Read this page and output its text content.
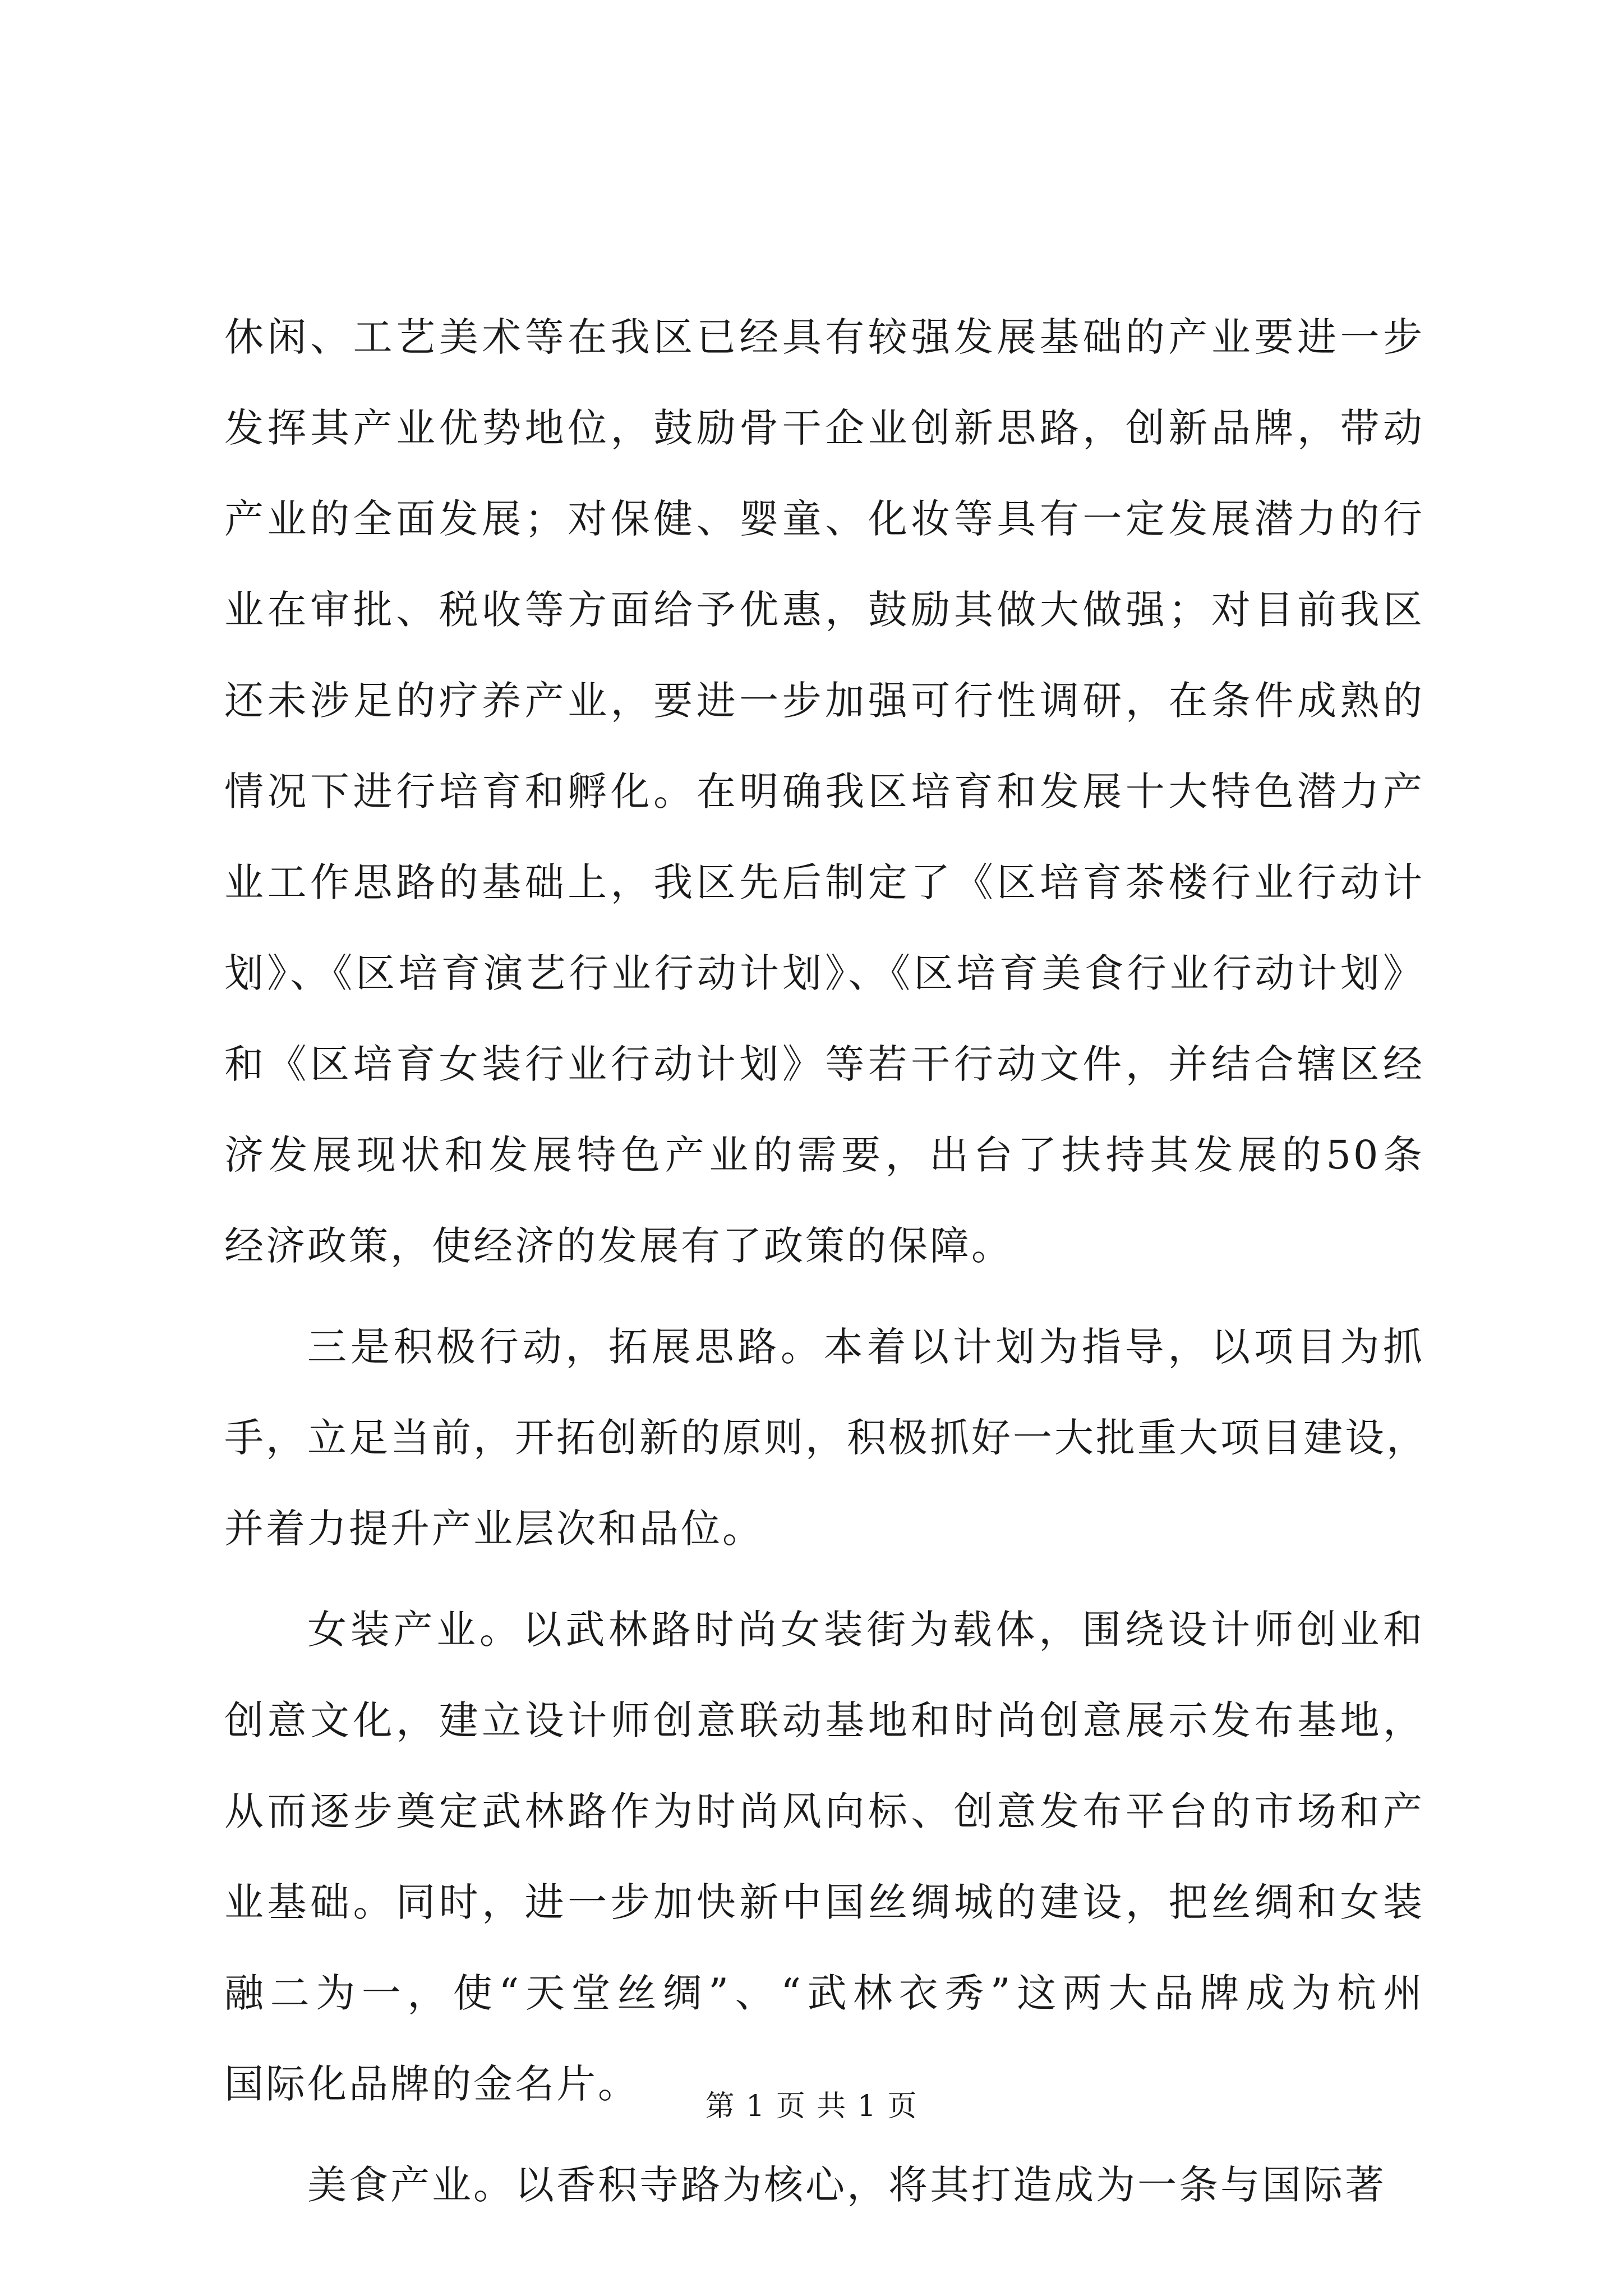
休闲、工艺美术等在我区已经具有较强发展基础的产业要进一步
发挥其产业优势地位，鼓励骨干企业创新思路，创新品牌，带动
产业的全面发展；对保健、婴童、化妆等具有一定发展潜力的行
业在审批、税收等方面给予优惠，鼓励其做大做强；对目前我区
还未涉足的疗养产业，要进一步加强可行性调研，在条件成熟的
情况下进行培育和孵化。在明确我区培育和发展十大特色潜力产
业工作思路的基础上，我区先后制定了《区培育茶楼行业行动计
划》、《区培育演艺行业行动计划》、《区培育美食行业行动计划》
和《区培育女装行业行动计划》等若干行动文件，并结合辖区经
济发展现状和发展特色产业的需要，出台了扶持其发展的50条
经济政策，使经济的发展有了政策的保障。
三是积极行动，拓展思路。本着以计划为指导，以项目为抓
手，立足当前，开拓创新的原则，积极抓好一大批重大项目建设，
并着力提升产业层次和品位。
女装产业。以武林路时尚女装街为载体，围绕设计师创业和
创意文化，建立设计师创意联动基地和时尚创意展示发布基地，
从而逐步奠定武林路作为时尚风向标、创意发布平台的市场和产
业基础。同时，进一步加快新中国丝绸城的建设，把丝绸和女装
融二为一，使“天堂丝绸”、“武林衣秀”这两大品牌成为杭州
国际化品牌的金名片。
美食产业。以香积寺路为核心，将其打造成为一条与国际著
第 1 页 共 1 页
